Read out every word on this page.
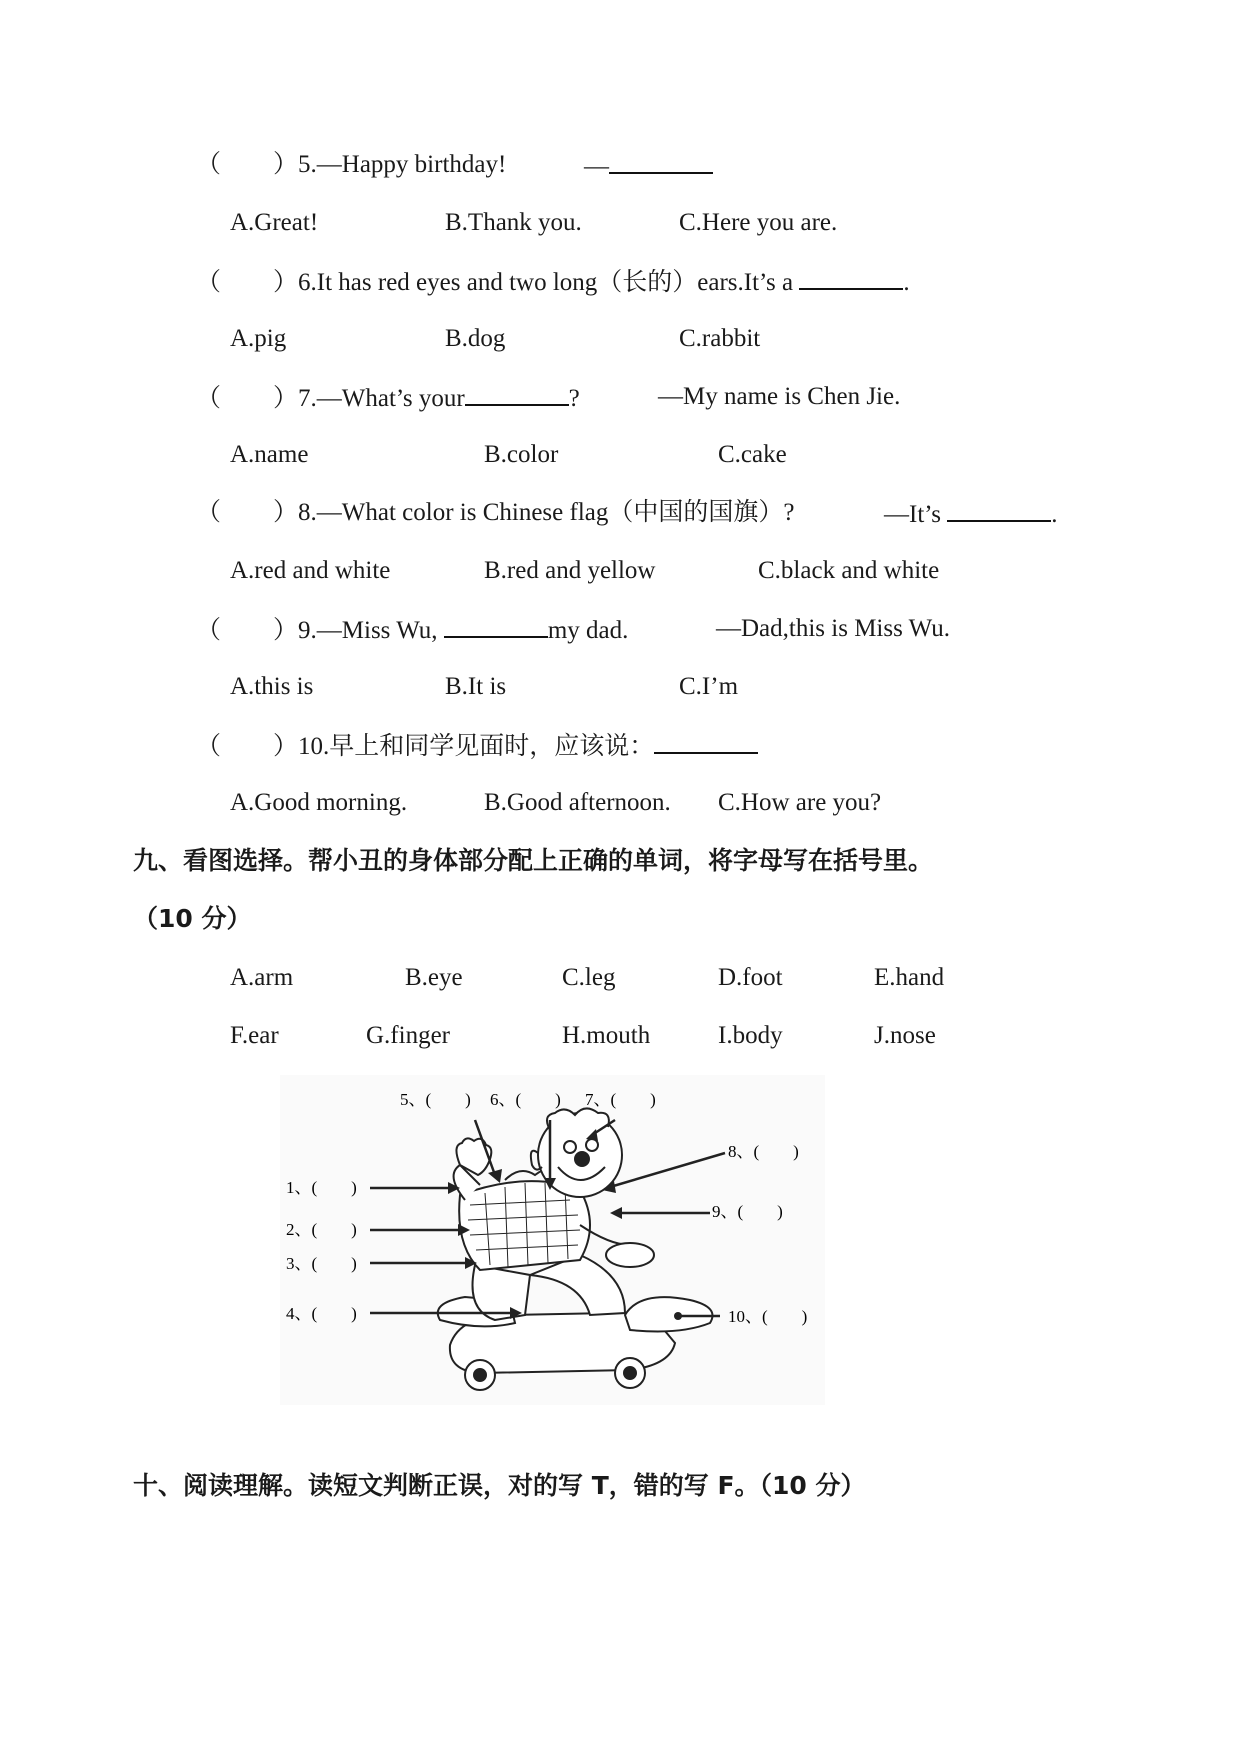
（ ）5.—Happy birthday!	—
A.Great!	B.Thank you.	C.Here you are.
（ ）6.It has red eyes and two long（长的）ears.It’s a	.
A.pig	B.dog	C.rabbit
（ ）7.—What’s your	?	—My name is Chen Jie.
A.name	B.color	C.cake
（ ）8.—What color is Chinese flag（中国的国旗）?	—It’s	.
A.red and white	B.red and yellow	C.black and white
（ ）9.—Miss Wu,	my dad.	—Dad,this is Miss Wu.
A.this is	B.It is	C.I’m
（ ）10.早上和同学见面时，应该说：
A.Good morning.	B.Good afternoon. C.How are you?
九、看图选择。帮小丑的身体部分配上正确的单词，将字母写在括号里。
（10 分）
A.arm	B.eye	C.leg	D.foot	E.hand
F.ear	G.finger	H.mouth	I.body	J.nose
5、(　　) 6、(　　) 7、(　　)
1、(　　)
2、(　　)
3、(　　)
4、(　　)
8、(　　)
9、(　　)
10、(　　)
十、阅读理解。读短文判断正误，对的写 T，错的写 F。（10 分）
